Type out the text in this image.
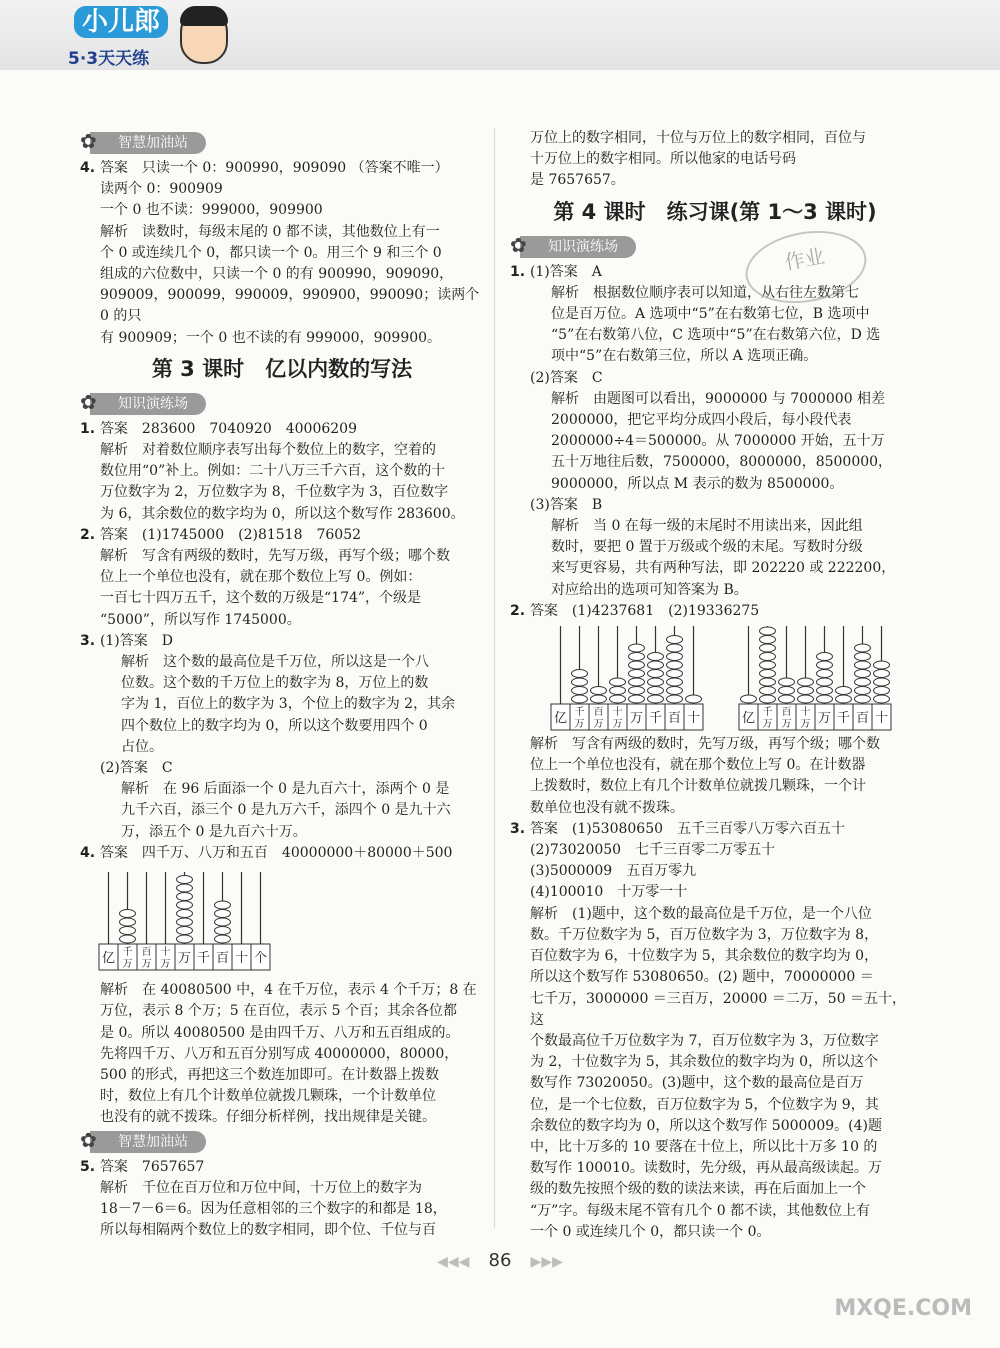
小儿郎
5·3天天练
✿ 智慧加油站

4. 答案　只读一个 0：900990，909090 （答案不唯一）

读两个 0：900909

一个 0 也不读：999000，909900

解析　读数时，每级末尾的 0 都不读，其他数位上有一

个 0 或连续几个 0，都只读一个 0。用三个 9 和三个 0

组成的六位数中，只读一个 0 的有 900990，909090，

909009，900099，990009，990900，990090；读两个 0 的只

有 900909；一个 0 也不读的有 999000，909900。

第 3 课时　亿以内数的写法
✿ 知识演练场

1. 答案　283600　7040920　40006209

解析　对着数位顺序表写出每个数位上的数字，空着的

数位用“0”补上。例如：二十八万三千六百，这个数的十

万位数字为 2，万位数字为 8，千位数字为 3，百位数字

为 6，其余数位的数字均为 0，所以这个数写作 283600。

2. 答案　(1)1745000　(2)81518　76052

解析　写含有两级的数时，先写万级，再写个级；哪个数

位上一个单位也没有，就在那个数位上写 0。例如：

一百七十四万五千，这个数的万级是“174”，个级是

“5000”，所以写作 1745000。

3. (1)答案　D

解析　这个数的最高位是千万位，所以这是一个八

位数。这个数的千万位上的数字为 8，万位上的数

字为 1，百位上的数字为 3，个位上的数字为 2，其余

四个数位上的数字均为 0，所以这个数要用四个 0

占位。

(2)答案　C

解析　在 96 后面添一个 0 是九百六十，添两个 0 是

九千六百，添三个 0 是九万六千，添四个 0 是九十六

万，添五个 0 是九百六十万。

4. 答案　四千万、八万和五百　40000000＋80000＋500

亿 千万
百万
十万 万 千 百 十 个

解析　在 40080500 中，4 在千万位，表示 4 个千万；8 在

万位，表示 8 个万；5 在百位，表示 5 个百；其余各位都

是 0。所以 40080500 是由四千万、八万和五百组成的。

先将四千万、八万和五百分别写成 40000000，80000，

500 的形式，再把这三个数连加即可。在计数器上拨数

时，数位上有几个计数单位就拨几颗珠，一个计数单位

也没有的就不拨珠。仔细分析样例，找出规律是关键。

✿ 智慧加油站

5. 答案　7657657

解析　千位在百万位和万位中间，十万位上的数字为

18－7－6＝6。因为任意相邻的三个数字的和都是 18，

所以每相隔两个数位上的数字相同，即个位、千位与百

万位上的数字相同，十位与万位上的数字相同，百位与

十万位上的数字相同。所以他家的电话号码

是 7657657。

第 4 课时　练习课(第 1～3 课时)
✿ 知识演练场

1. (1)答案　A

解析　根据数位顺序表可以知道，从右往左数第七

位是百万位。A 选项中“5”在右数第七位，B 选项中

“5”在右数第八位，C 选项中“5”在右数第六位，D 选

项中“5”在右数第三位，所以 A 选项正确。

(2)答案　C

解析　由题图可以看出，9000000 与 7000000 相差

2000000，把它平均分成四小段后，每小段代表

2000000÷4＝500000。从 7000000 开始，五十万

五十万地往后数，7500000，8000000，8500000，

9000000，所以点 M 表示的数为 8500000。

(3)答案　B

解析　当 0 在每一级的末尾时不用读出来，因此组

数时，要把 0 置于万级或个级的末尾。写数时分级

来写更容易，共有两种写法，即 202220 或 222200，

对应给出的选项可知答案为 B。

2. 答案　(1)4237681　(2)19336275

亿 千万
百万
十万 万 千 百 十	亿 千万
百万
十万 万 千 百 十

解析　写含有两级的数时，先写万级，再写个级；哪个数

位上一个单位也没有，就在那个数位上写 0。在计数器

上拨数时，数位上有几个计数单位就拨几颗珠，一个计

数单位也没有就不拨珠。

3. 答案　(1)53080650　五千三百零八万零六百五十

(2)73020050　七千三百零二万零五十

(3)5000009　五百万零九

(4)100010　十万零一十

解析　(1)题中，这个数的最高位是千万位，是一个八位

数。千万位数字为 5，百万位数字为 3，万位数字为 8，

百位数字为 6，十位数字为 5，其余数位的数字均为 0，

所以这个数写作 53080650。(2) 题中，70000000 ＝

七千万，3000000 ＝三百万，20000 ＝二万，50 ＝五十，这

个数最高位千万位数字为 7，百万位数字为 3，万位数字

为 2，十位数字为 5，其余数位的数字均为 0，所以这个

数写作 73020050。(3)题中，这个数的最高位是百万

位，是一个七位数，百万位数字为 5，个位数字为 9，其

余数位的数字均为 0，所以这个数写作 5000009。(4)题

中，比十万多的 10 要落在十位上，所以比十万多 10 的

数写作 100010。读数时，先分级，再从最高级读起。万

级的数先按照个级的数的读法来读，再在后面加上一个

“万”字。每级末尾不管有几个 0 都不读，其他数位上有

一个 0 或连续几个 0，都只读一个 0。

作业
◀◀◀ 86 ▶▶▶
MXQE.COM
